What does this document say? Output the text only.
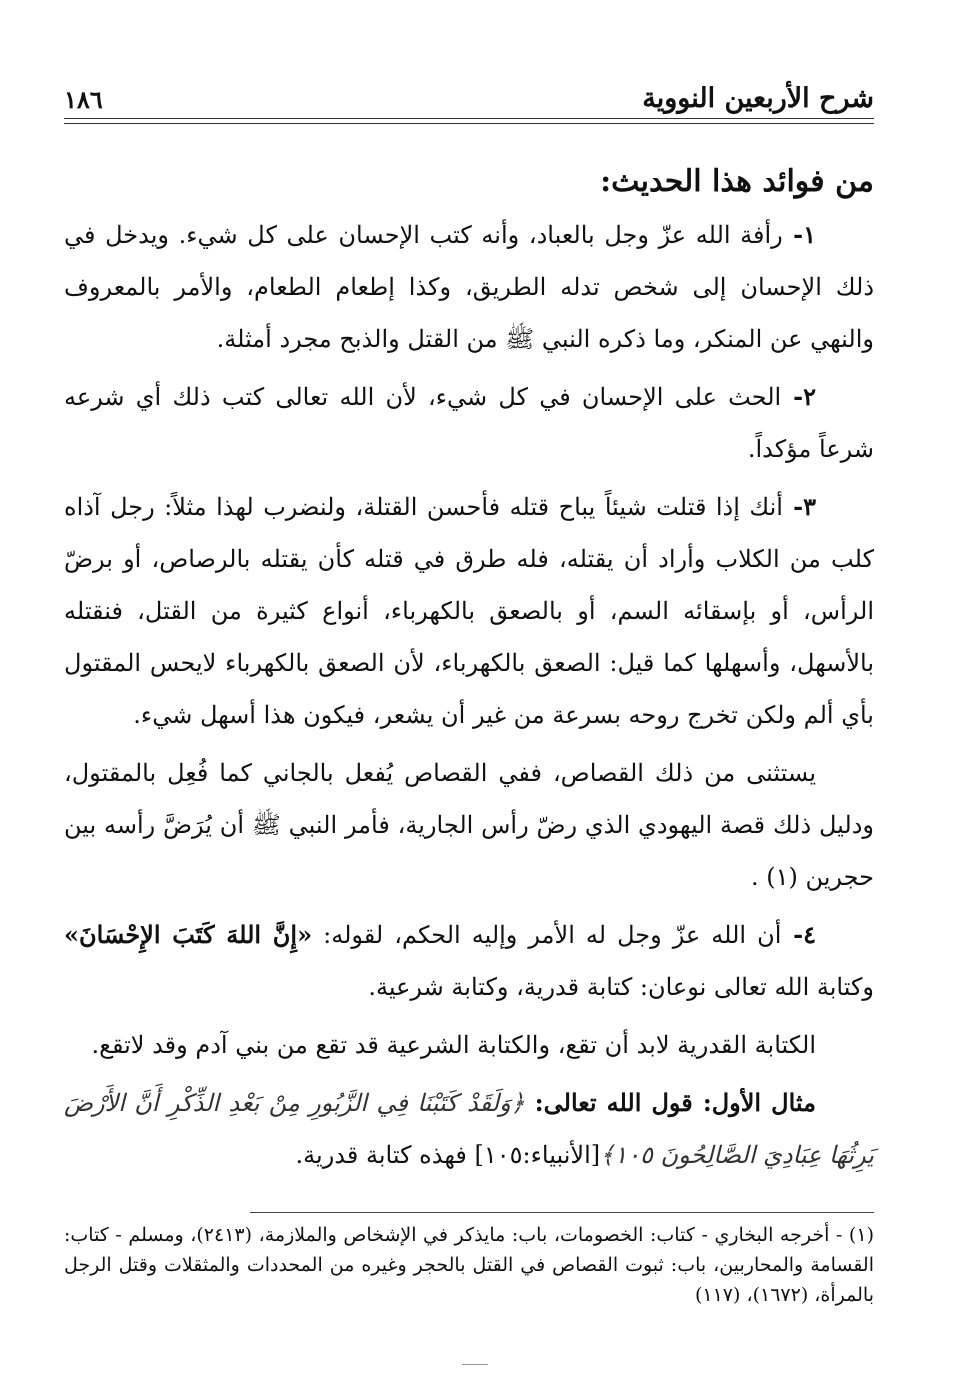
شرح الأربعين النووية
١٨٦
من فوائد هذا الحديث:

١- رأفة الله عزّ وجل بالعباد، وأنه كتب الإحسان على كل شيء. ويدخل في ذلك الإحسان إلى شخص تدله الطريق، وكذا إطعام الطعام، والأمر بالمعروف والنهي عن المنكر، وما ذكره النبي ﷺ من القتل والذبح مجرد أمثلة.

٢- الحث على الإحسان في كل شيء، لأن الله تعالى كتب ذلك أي شرعه شرعاً مؤكداً.

٣- أنك إذا قتلت شيئاً يباح قتله فأحسن القتلة، ولنضرب لهذا مثلاً: رجل آذاه كلب من الكلاب وأراد أن يقتله، فله طرق في قتله كأن يقتله بالرصاص، أو برضّ الرأس، أو بإسقائه السم، أو بالصعق بالكهرباء، أنواع كثيرة من القتل، فنقتله بالأسهل، وأسهلها كما قيل: الصعق بالكهرباء، لأن الصعق بالكهرباء لايحس المقتول بأي ألم ولكن تخرج روحه بسرعة من غير أن يشعر، فيكون هذا أسهل شيء.

يستثنى من ذلك القصاص، ففي القصاص يُفعل بالجاني كما فُعِل بالمقتول، ودليل ذلك قصة اليهودي الذي رضّ رأس الجارية، فأمر النبي ﷺ أن يُرَضَّ رأسه بين حجرين (١) .

٤- أن الله عزّ وجل له الأمر وإليه الحكم، لقوله: «إِنَّ اللهَ كَتَبَ الإِحْسَانَ» وكتابة الله تعالى نوعان: كتابة قدرية، وكتابة شرعية.

الكتابة القدرية لابد أن تقع، والكتابة الشرعية قد تقع من بني آدم وقد لاتقع.

مثال الأول: قول الله تعالى: ﴿وَلَقَدْ كَتَبْنَا فِي الزَّبُورِ مِنْ بَعْدِ الذِّكْرِ أَنَّ الأَرْضَ يَرِثُهَا عِبَادِيَ الصَّالِحُونَ ١٠٥﴾[الأنبياء:١٠٥] فهذه كتابة قدرية.

(١) - أخرجه البخاري - كتاب: الخصومات، باب: مايذكر في الإشخاص والملازمة، (٢٤١٣)، ومسلم - كتاب: القسامة والمحاربين، باب: ثبوت القصاص في القتل بالحجر وغيره من المحددات والمثقلات وقتل الرجل بالمرأة، (١٦٧٢)، (١١٧)
